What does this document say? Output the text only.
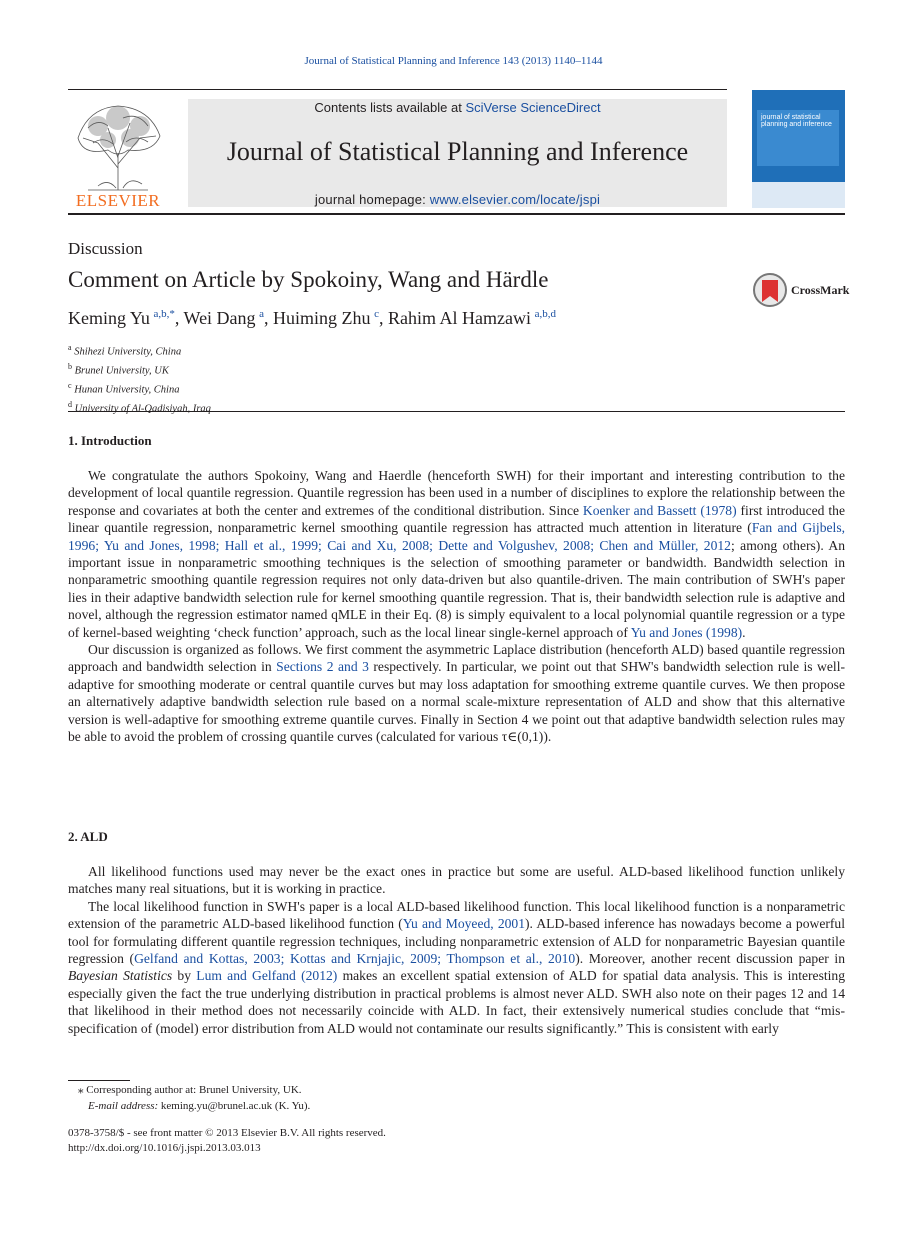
Journal of Statistical Planning and Inference 143 (2013) 1140–1144
ELSEVIER
Contents lists available at SciVerse ScienceDirect
Journal of Statistical Planning and Inference
journal homepage: www.elsevier.com/locate/jspi
journal of statistical planning and inference
Discussion
Comment on Article by Spokoiny, Wang and Härdle	CrossMark
Keming Yu  $^{a,b,*}$, Wei Dang  $^a$, Huiming Zhu  $^c$, Rahim Al Hamzawi  $^{a,b,d}$
$^a$ Shihezi University, China
$^b$ Brunel University, UK
$^c$ Hunan University, China
$^d$ University of Al-Qadisiyah, Iraq
1. Introduction

We congratulate the authors Spokoiny, Wang and Haerdle (henceforth SWH) for their important and interesting contribution to the development of local quantile regression. Quantile regression has been used in a number of disciplines to explore the relationship between the response and covariates at both the center and extremes of the conditional distribution. Since Koenker and Bassett (1978) first introduced the linear quantile regression, nonparametric kernel smoothing quantile regression has attracted much attention in literature (Fan and Gijbels, 1996; Yu and Jones, 1998; Hall et al., 1999; Cai and Xu, 2008; Dette and Volgushev, 2008; Chen and Müller, 2012; among others). An important issue in nonparametric smoothing techniques is the selection of smoothing parameter or bandwidth. Bandwidth selection in nonparametric smoothing quantile regression requires not only data-driven but also quantile-driven. The main contribution of SWH's paper lies in their adaptive bandwidth selection rule for kernel smoothing quantile regression. That is, their bandwidth selection rule is adaptive and novel, although the regression estimator named qMLE in their Eq. (8) is simply equivalent to a local polynomial quantile regression or a type of kernel-based weighting ‘check function’ approach, such as the local linear single-kernel approach of Yu and Jones (1998).

Our discussion is organized as follows. We first comment the asymmetric Laplace distribution (henceforth ALD) based quantile regression approach and bandwidth selection in Sections 2 and 3 respectively. In particular, we point out that SHW's bandwidth selection rule is well-adaptive for smoothing moderate or central quantile curves but may loss adaptation for smoothing extreme quantile curves. We then propose an alternatively adaptive bandwidth selection rule based on a normal scale-mixture representation of ALD and show that this alternative version is well-adaptive for smoothing extreme quantile curves. Finally in Section 4 we point out that adaptive bandwidth selection rules may be able to avoid the problem of crossing quantile curves (calculated for various τ∈(0,1)).

2. ALD

All likelihood functions used may never be the exact ones in practice but some are useful. ALD-based likelihood function unlikely matches many real situations, but it is working in practice.

The local likelihood function in SWH's paper is a local ALD-based likelihood function. This local likelihood function is a nonparametric extension of the parametric ALD-based likelihood function (Yu and Moyeed, 2001). ALD-based inference has nowadays become a powerful tool for formulating different quantile regression techniques, including nonparametric extension of ALD for nonparametric Bayesian quantile regression (Gelfand and Kottas, 2003; Kottas and Krnjajic, 2009; Thompson et al., 2010). Moreover, another recent discussion paper in Bayesian Statistics by Lum and Gelfand (2012) makes an excellent spatial extension of ALD for spatial data analysis. This is interesting especially given the fact the true underlying distribution in practical problems is almost never ALD. SWH also note on their pages 12 and 14 that likelihood in their method does not necessarily coincide with ALD. In fact, their extensively numerical studies conclude that “mis-specification of (model) error distribution from ALD would not contaminate our results significantly.” This is consistent with early

⁎ Corresponding author at: Brunel University, UK.
E-mail address: keming.yu@brunel.ac.uk (K. Yu).
0378-3758/$ - see front matter © 2013 Elsevier B.V. All rights reserved.
http://dx.doi.org/10.1016/j.jspi.2013.03.013
